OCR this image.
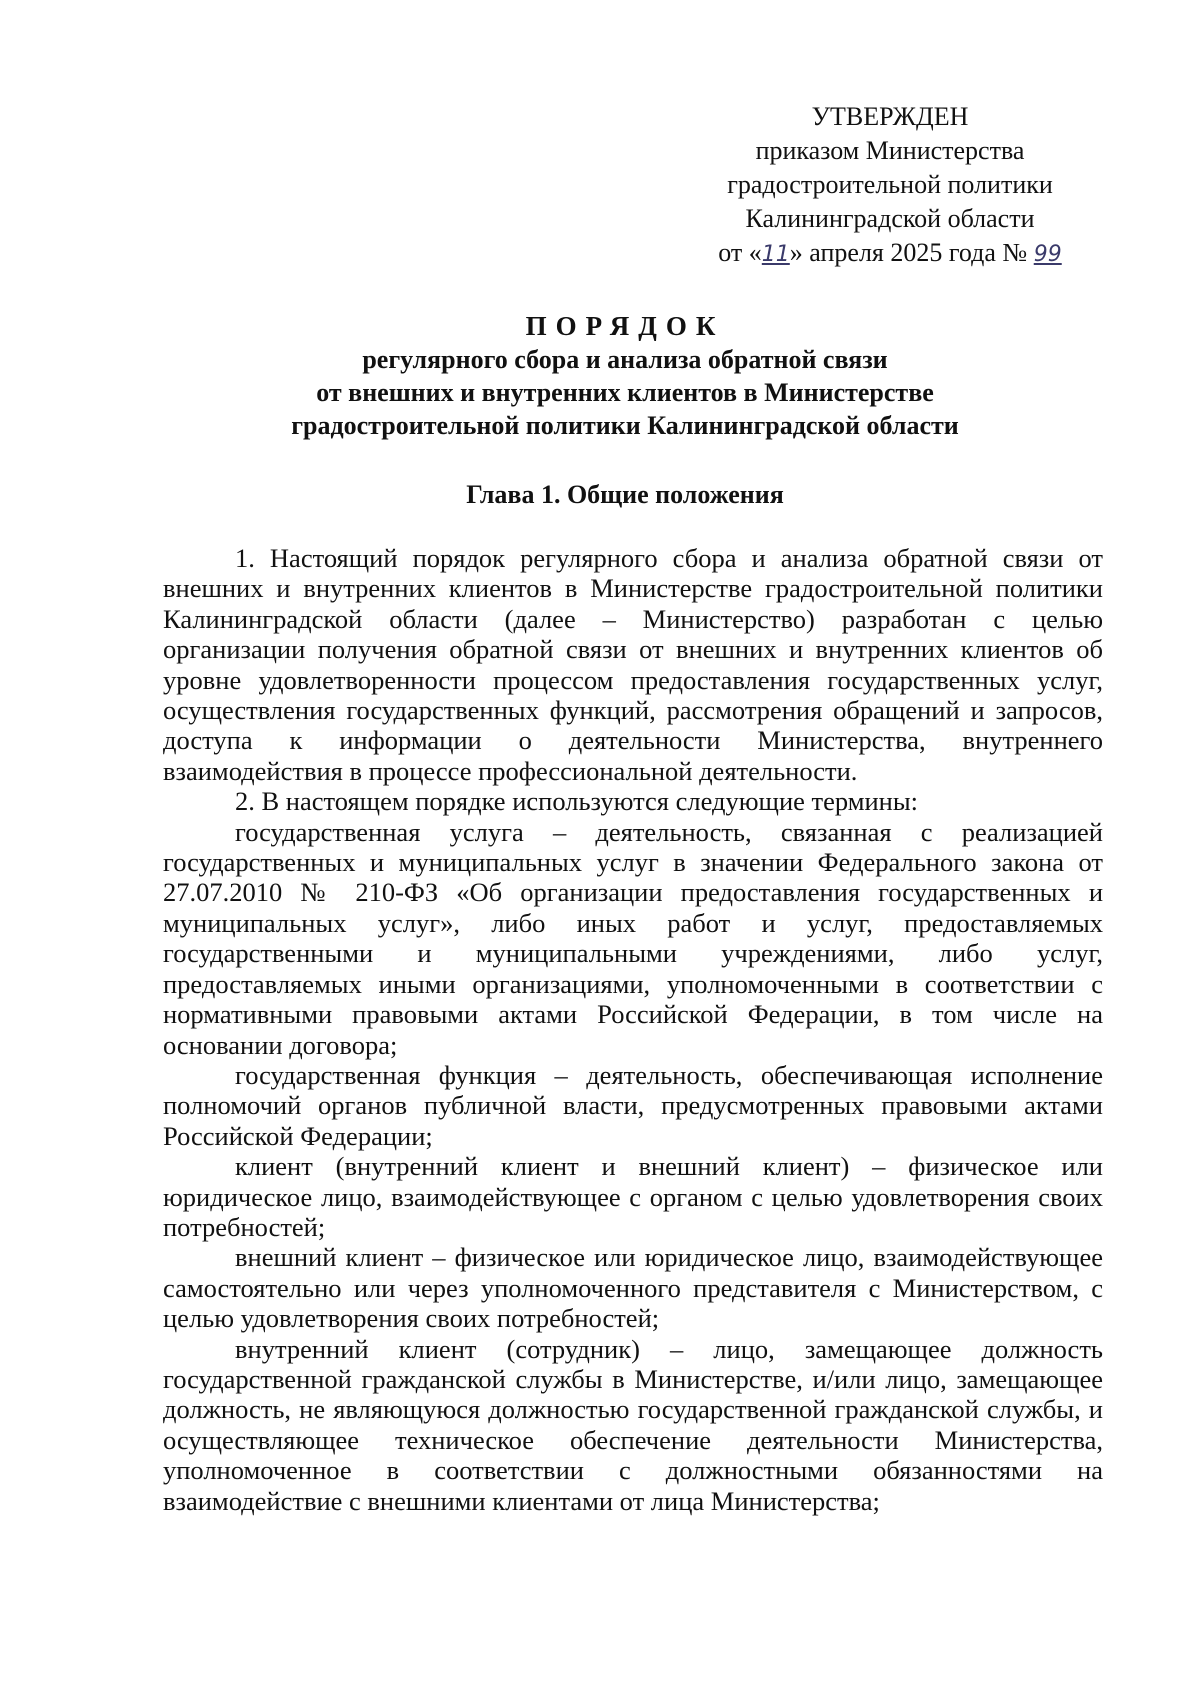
УТВЕРЖДЕН
приказом Министерства
градостроительной политики
Калининградской области
от «11» апреля 2025 года № 99
ПОРЯДОК
регулярного сбора и анализа обратной связи
от внешних и внутренних клиентов в Министерстве
градостроительной политики Калининградской области
Глава 1. Общие положения

1. Настоящий порядок регулярного сбора и анализа обратной связи от внешних и внутренних клиентов в Министерстве градостроительной политики Калининградской области (далее – Министерство) разработан с целью организации получения обратной связи от внешних и внутренних клиентов об уровне удовлетворенности процессом предоставления государственных услуг, осуществления государственных функций, рассмотрения обращений и запросов, доступа к информации о деятельности Министерства, внутреннего взаимодействия в процессе профессиональной деятельности.

2. В настоящем порядке используются следующие термины:

государственная услуга – деятельность, связанная с реализацией государственных и муниципальных услуг в значении Федерального закона от 27.07.2010 № 210-ФЗ «Об организации предоставления государственных и муниципальных услуг», либо иных работ и услуг, предоставляемых государственными и муниципальными учреждениями, либо услуг, предоставляемых иными организациями, уполномоченными в соответствии с нормативными правовыми актами Российской Федерации, в том числе на основании договора;

государственная функция – деятельность, обеспечивающая исполнение полномочий органов публичной власти, предусмотренных правовыми актами Российской Федерации;

клиент (внутренний клиент и внешний клиент) – физическое или юридическое лицо, взаимодействующее с органом с целью удовлетворения своих потребностей;

внешний клиент – физическое или юридическое лицо, взаимодействующее самостоятельно или через уполномоченного представителя с Министерством, с целью удовлетворения своих потребностей;

внутренний клиент (сотрудник) – лицо, замещающее должность государственной гражданской службы в Министерстве, и/или лицо, замещающее должность, не являющуюся должностью государственной гражданской службы, и осуществляющее техническое обеспечение деятельности Министерства, уполномоченное в соответствии с должностными обязанностями на взаимодействие с внешними клиентами от лица Министерства;
